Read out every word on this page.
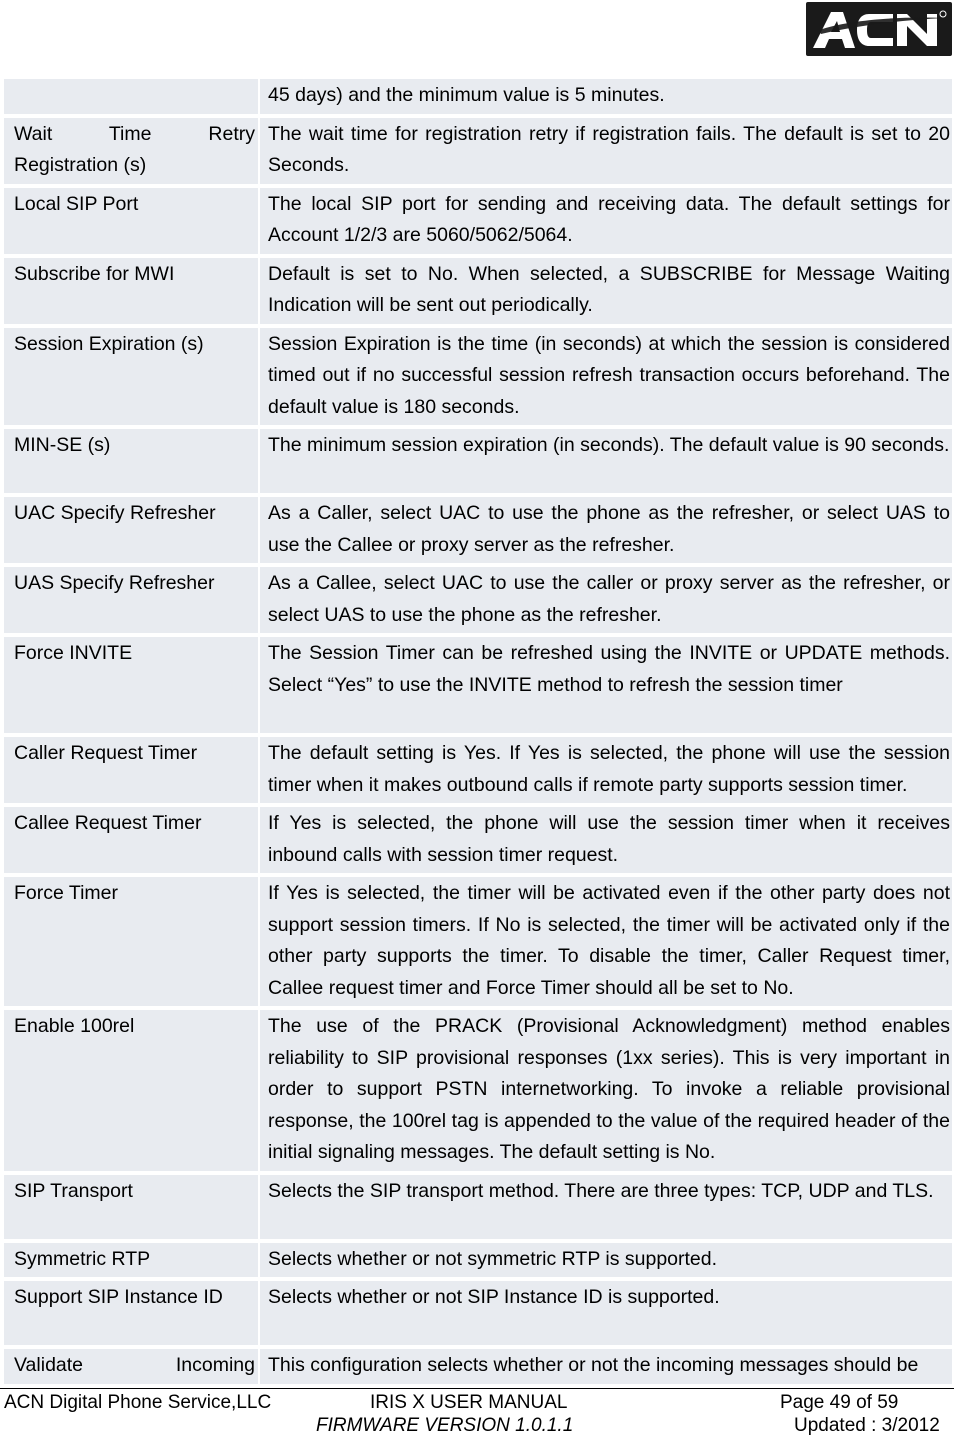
	45 days) and the minimum value is 5 minutes.

Wait Time Retry Registration (s)	The wait time for registration retry if registration fails. The default is set to 20 Seconds.

Local SIP Port	The local SIP port for sending and receiving data. The default settings for Account 1/2/3 are 5060/5062/5064.

Subscribe for MWI	Default is set to No. When selected, a SUBSCRIBE for Message Waiting Indication will be sent out periodically.

Session Expiration (s)	Session Expiration is the time (in seconds) at which the session is considered timed out if no successful session refresh transaction occurs beforehand. The default value is 180 seconds.

MIN-SE (s)	The minimum session expiration (in seconds). The default value is 90 seconds.

UAC Specify Refresher	As a Caller, select UAC to use the phone as the refresher, or select UAS to use the Callee or proxy server as the refresher.

UAS Specify Refresher	As a Callee, select UAC to use the caller or proxy server as the refresher, or select UAS to use the phone as the refresher.

Force INVITE	The Session Timer can be refreshed using the INVITE or UPDATE methods. Select “Yes” to use the INVITE method to refresh the session timer

Caller Request Timer	The default setting is Yes. If Yes is selected, the phone will use the session timer when it makes outbound calls if remote party supports session timer.

Callee Request Timer	If Yes is selected, the phone will use the session timer when it receives inbound calls with session timer request.

Force Timer	If Yes is selected, the timer will be activated even if the other party does not support session timers. If No is selected, the timer will be activated only if the other party supports the timer. To disable the timer, Caller Request timer, Callee request timer and Force Timer should all be set to No.

Enable 100rel	The use of the PRACK (Provisional Acknowledgment) method enables reliability to SIP provisional responses (1xx series). This is very important in order to support PSTN internetworking. To invoke a reliable provisional response, the 100rel tag is appended to the value of the required header of the initial signaling messages. The default setting is No.

SIP Transport	Selects the SIP transport method. There are three types: TCP, UDP and TLS.

Symmetric RTP	Selects whether or not symmetric RTP is supported.

Support SIP Instance ID	Selects whether or not SIP Instance ID is supported.

Validate Incoming	This configuration selects whether or not the incoming messages should be
ACN Digital Phone Service,LLC	IRIS X USER MANUAL
FIRMWARE VERSION 1.0.1.1
Page 49 of 59
Updated : 3/2012
